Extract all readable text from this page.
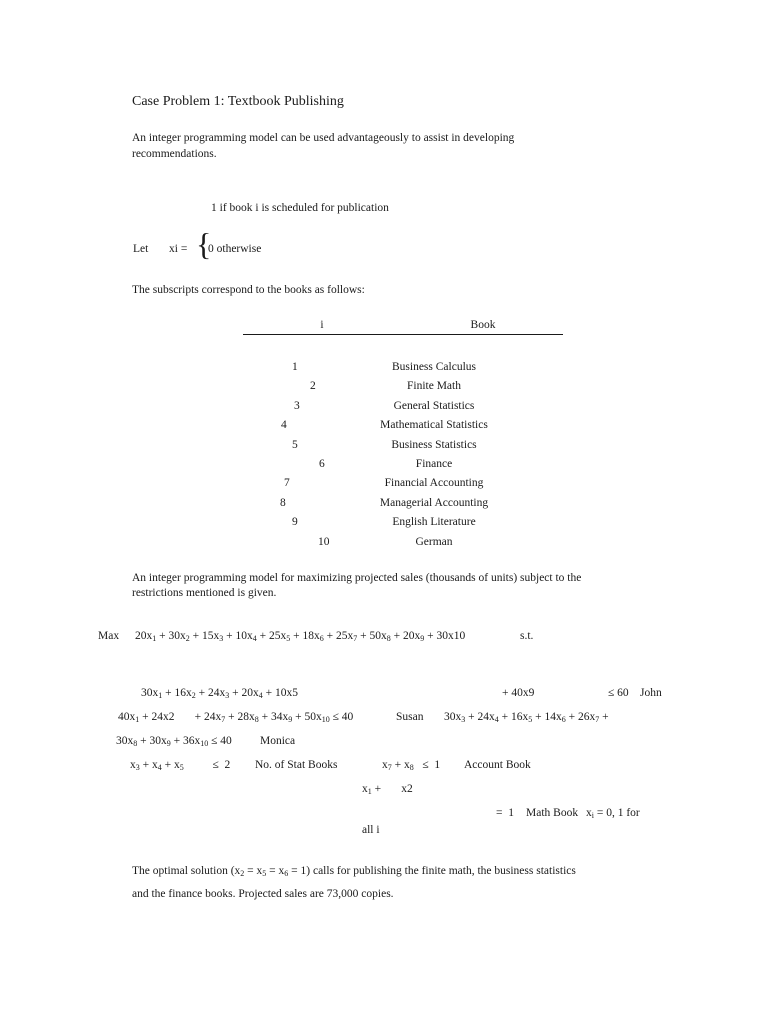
Case Problem 1: Textbook Publishing
An integer programming model can be used advantageously to assist in developing
recommendations.
1 if book i is scheduled for publication
Let xi = {
0 otherwise
The subscripts correspond to the books as follows:
i	Book
1	Business Calculus
2	Finite Math
3	General Statistics
4	Mathematical Statistics
5	Business Statistics
6	Finance
7	Financial Accounting
8	Managerial Accounting
9	English Literature
10	German
An integer programming model for maximizing projected sales (thousands of units) subject to the
restrictions mentioned is given.
Max $20x_1 + 30x_2 + 15x_3 + 10x_4 + 25x_5 + 18x_6 + 25x_7 + 50x_8 + 20x_9 + 30x10$	s.t.
$30x_1 + 16x_2 + 24x_3 + 20x_4 + 10x5$	+ 40x9	≤ 60 John
$40x_1 + 24x2$       + $24x_7 + 28x_8 + 34x_9 + 50x_{10} \le 40$	Susan $30x_3 + 24x_4 + 16x_5 + 14x_6 + 26x_7$ +
$30x_8 + 30x_9 + 36x_{10} \le 40$ Monica
$x_3 + x_4 + x_5$          ≤  2 No. of Stat Books	$x_7 + x_8 \le 1$ Account Book
$x_1$ +       x2
=  1 Math Book $x_i = 0$, 1 for
all i
The optimal solution $(x_2 = x_5 = x_6 = 1)$ calls for publishing the finite math, the business statistics
and the finance books. Projected sales are 73,000 copies.
